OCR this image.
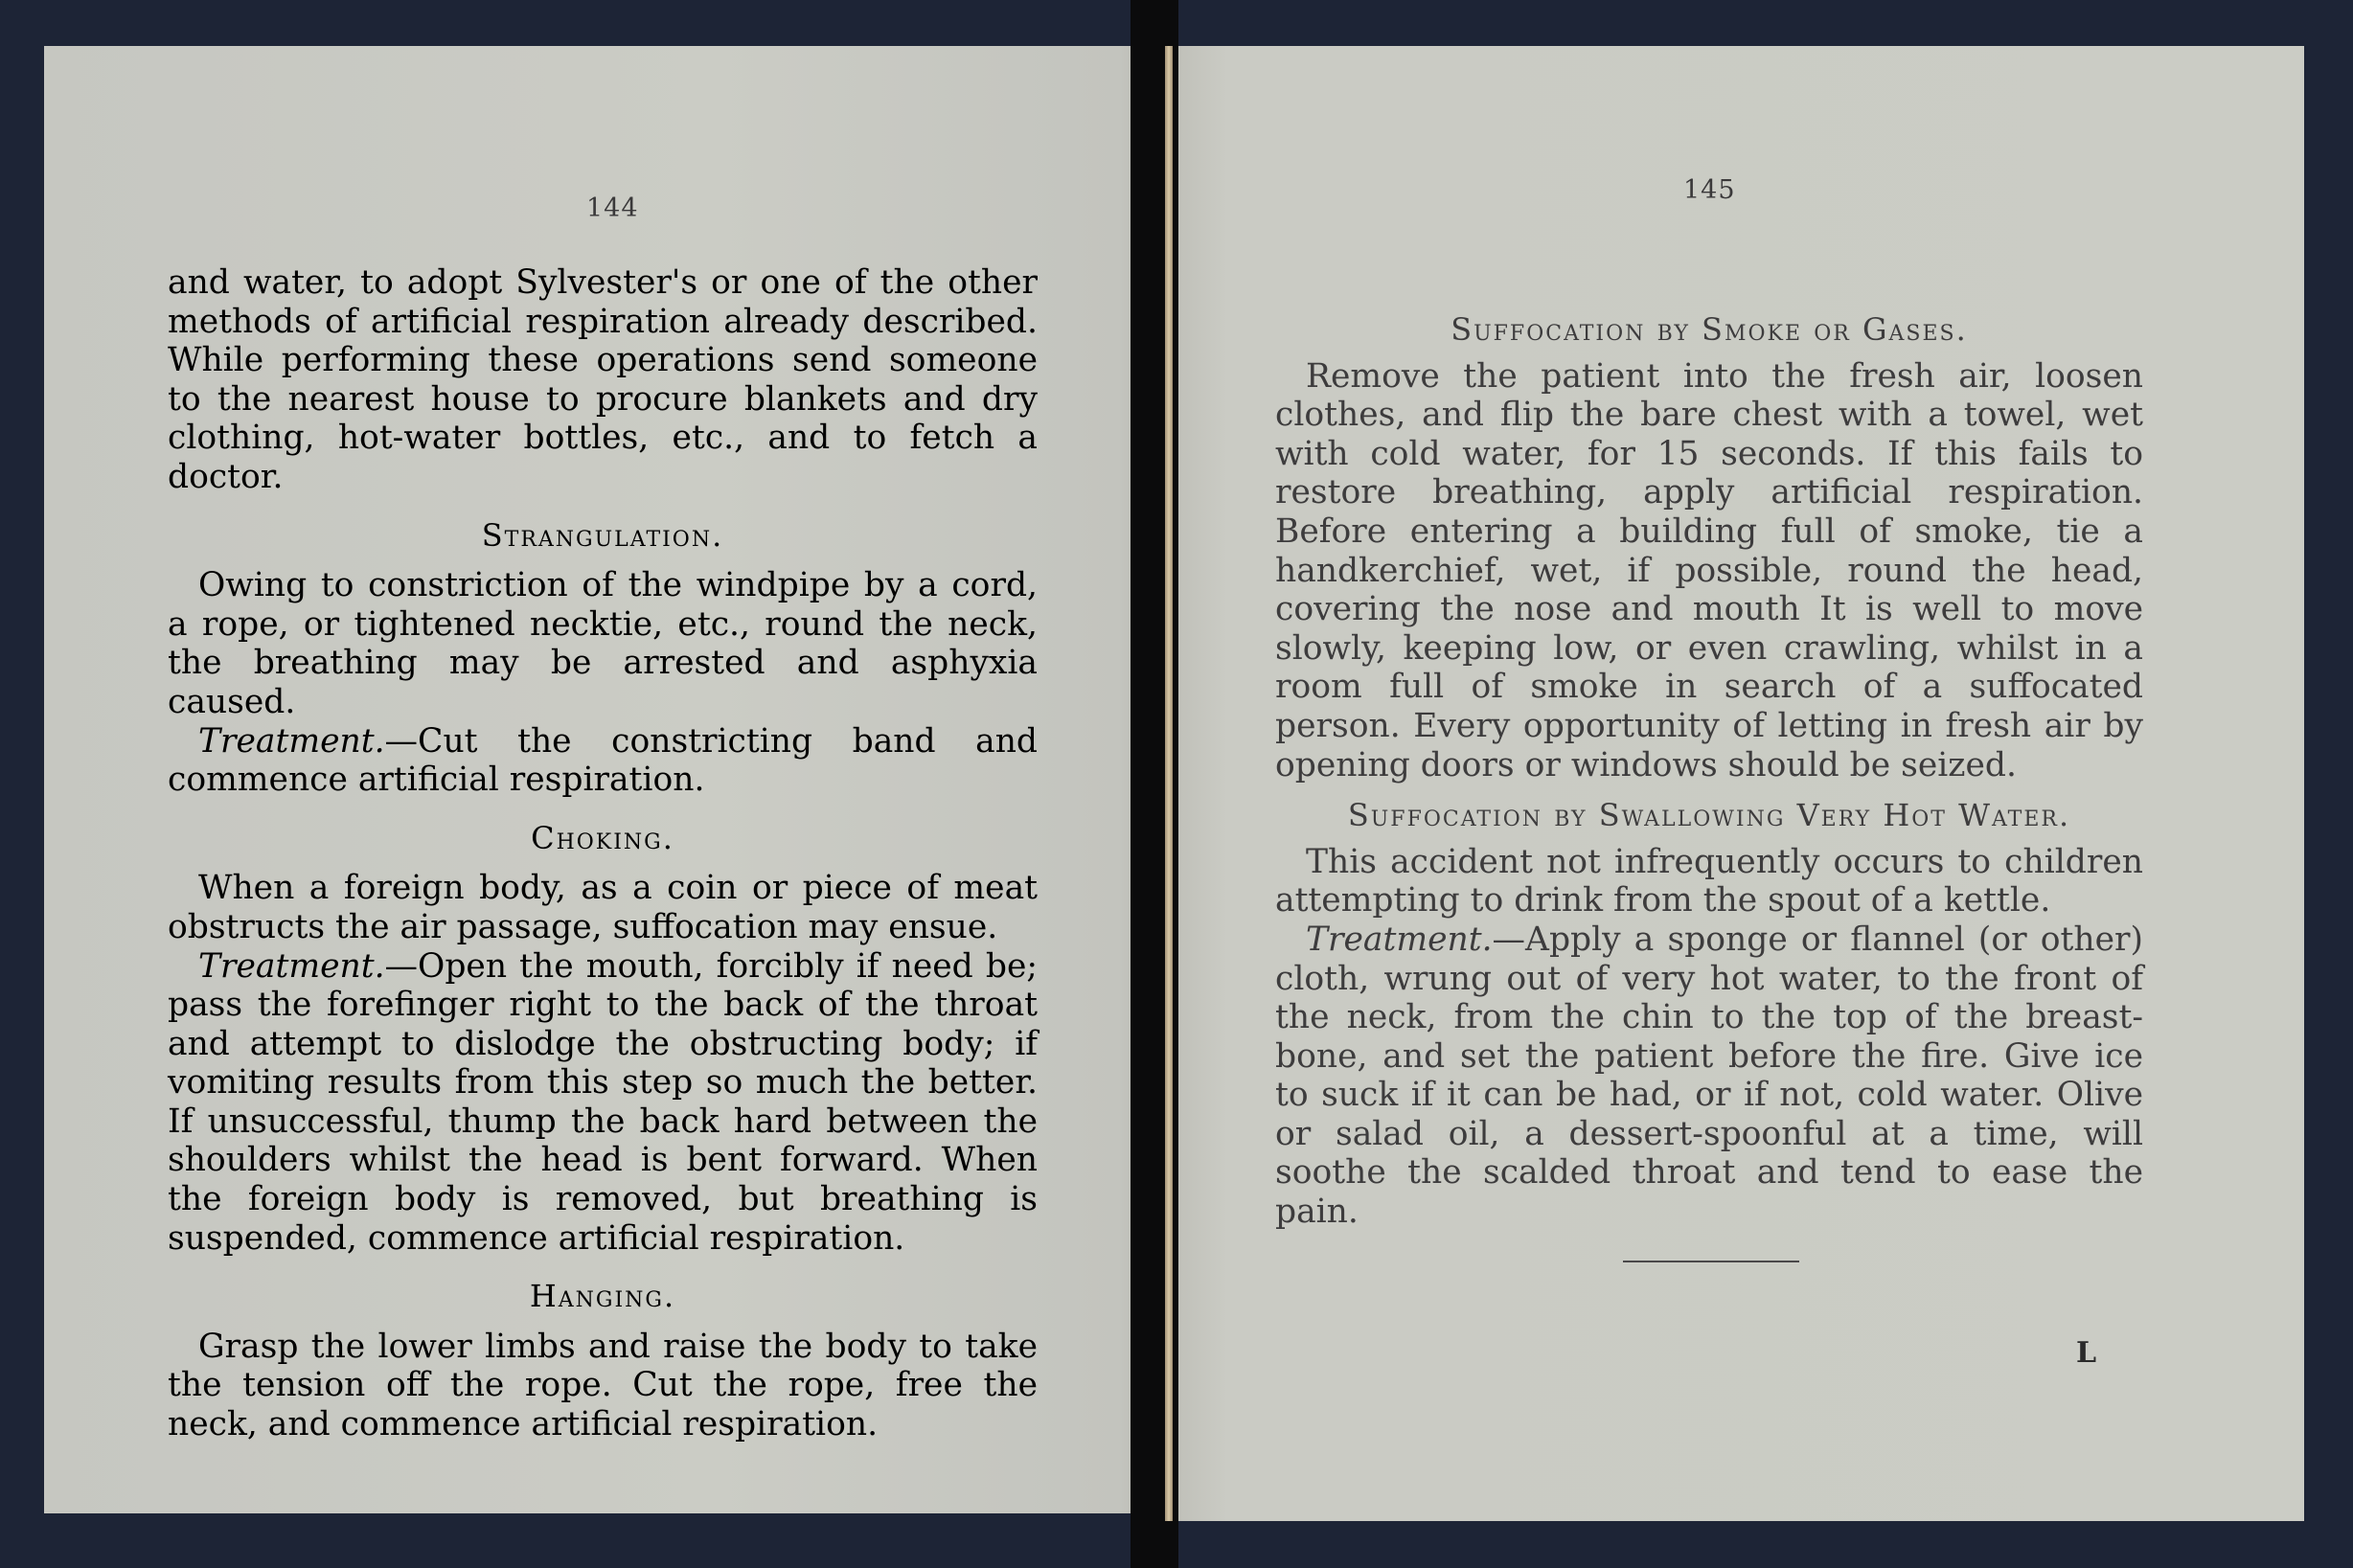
144
145

and water, to adopt Sylvester's or one of the other methods of artificial respiration already described. While performing these operations send someone to the nearest house to procure blankets and dry clothing, hot-water bottles, etc., and to fetch a doctor.

Strangulation.

Owing to constriction of the windpipe by a cord, a rope, or tightened necktie, etc., round the neck, the breathing may be arrested and asphyxia caused.

Treatment.—Cut the constricting band and commence artificial respiration.

Choking.

When a foreign body, as a coin or piece of meat obstructs the air passage, suffocation may ensue.

Treatment.—Open the mouth, forcibly if need be; pass the forefinger right to the back of the throat and attempt to dislodge the obstructing body; if vomiting results from this step so much the better. If unsuccessful, thump the back hard between the shoulders whilst the head is bent forward. When the foreign body is removed, but breathing is suspended, commence artificial respiration.

Hanging.

Grasp the lower limbs and raise the body to take the tension off the rope. Cut the rope, free the neck, and commence artificial respiration.

Suffocation by Smoke or Gases.

Remove the patient into the fresh air, loosen clothes, and flip the bare chest with a towel, wet with cold water, for 15 seconds. If this fails to restore breathing, apply artificial respiration. Before entering a building full of smoke, tie a handkerchief, wet, if possible, round the head, covering the nose and mouth It is well to move slowly, keeping low, or even crawling, whilst in a room full of smoke in search of a suffocated person. Every opportunity of letting in fresh air by opening doors or windows should be seized.

Suffocation by Swallowing Very Hot Water.

This accident not infrequently occurs to children attempting to drink from the spout of a kettle.

Treatment.—Apply a sponge or flannel (or other) cloth, wrung out of very hot water, to the front of the neck, from the chin to the top of the breast-bone, and set the patient before the fire. Give ice to suck if it can be had, or if not, cold water. Olive or salad oil, a dessert-spoonful at a time, will soothe the scalded throat and tend to ease the pain.

L
